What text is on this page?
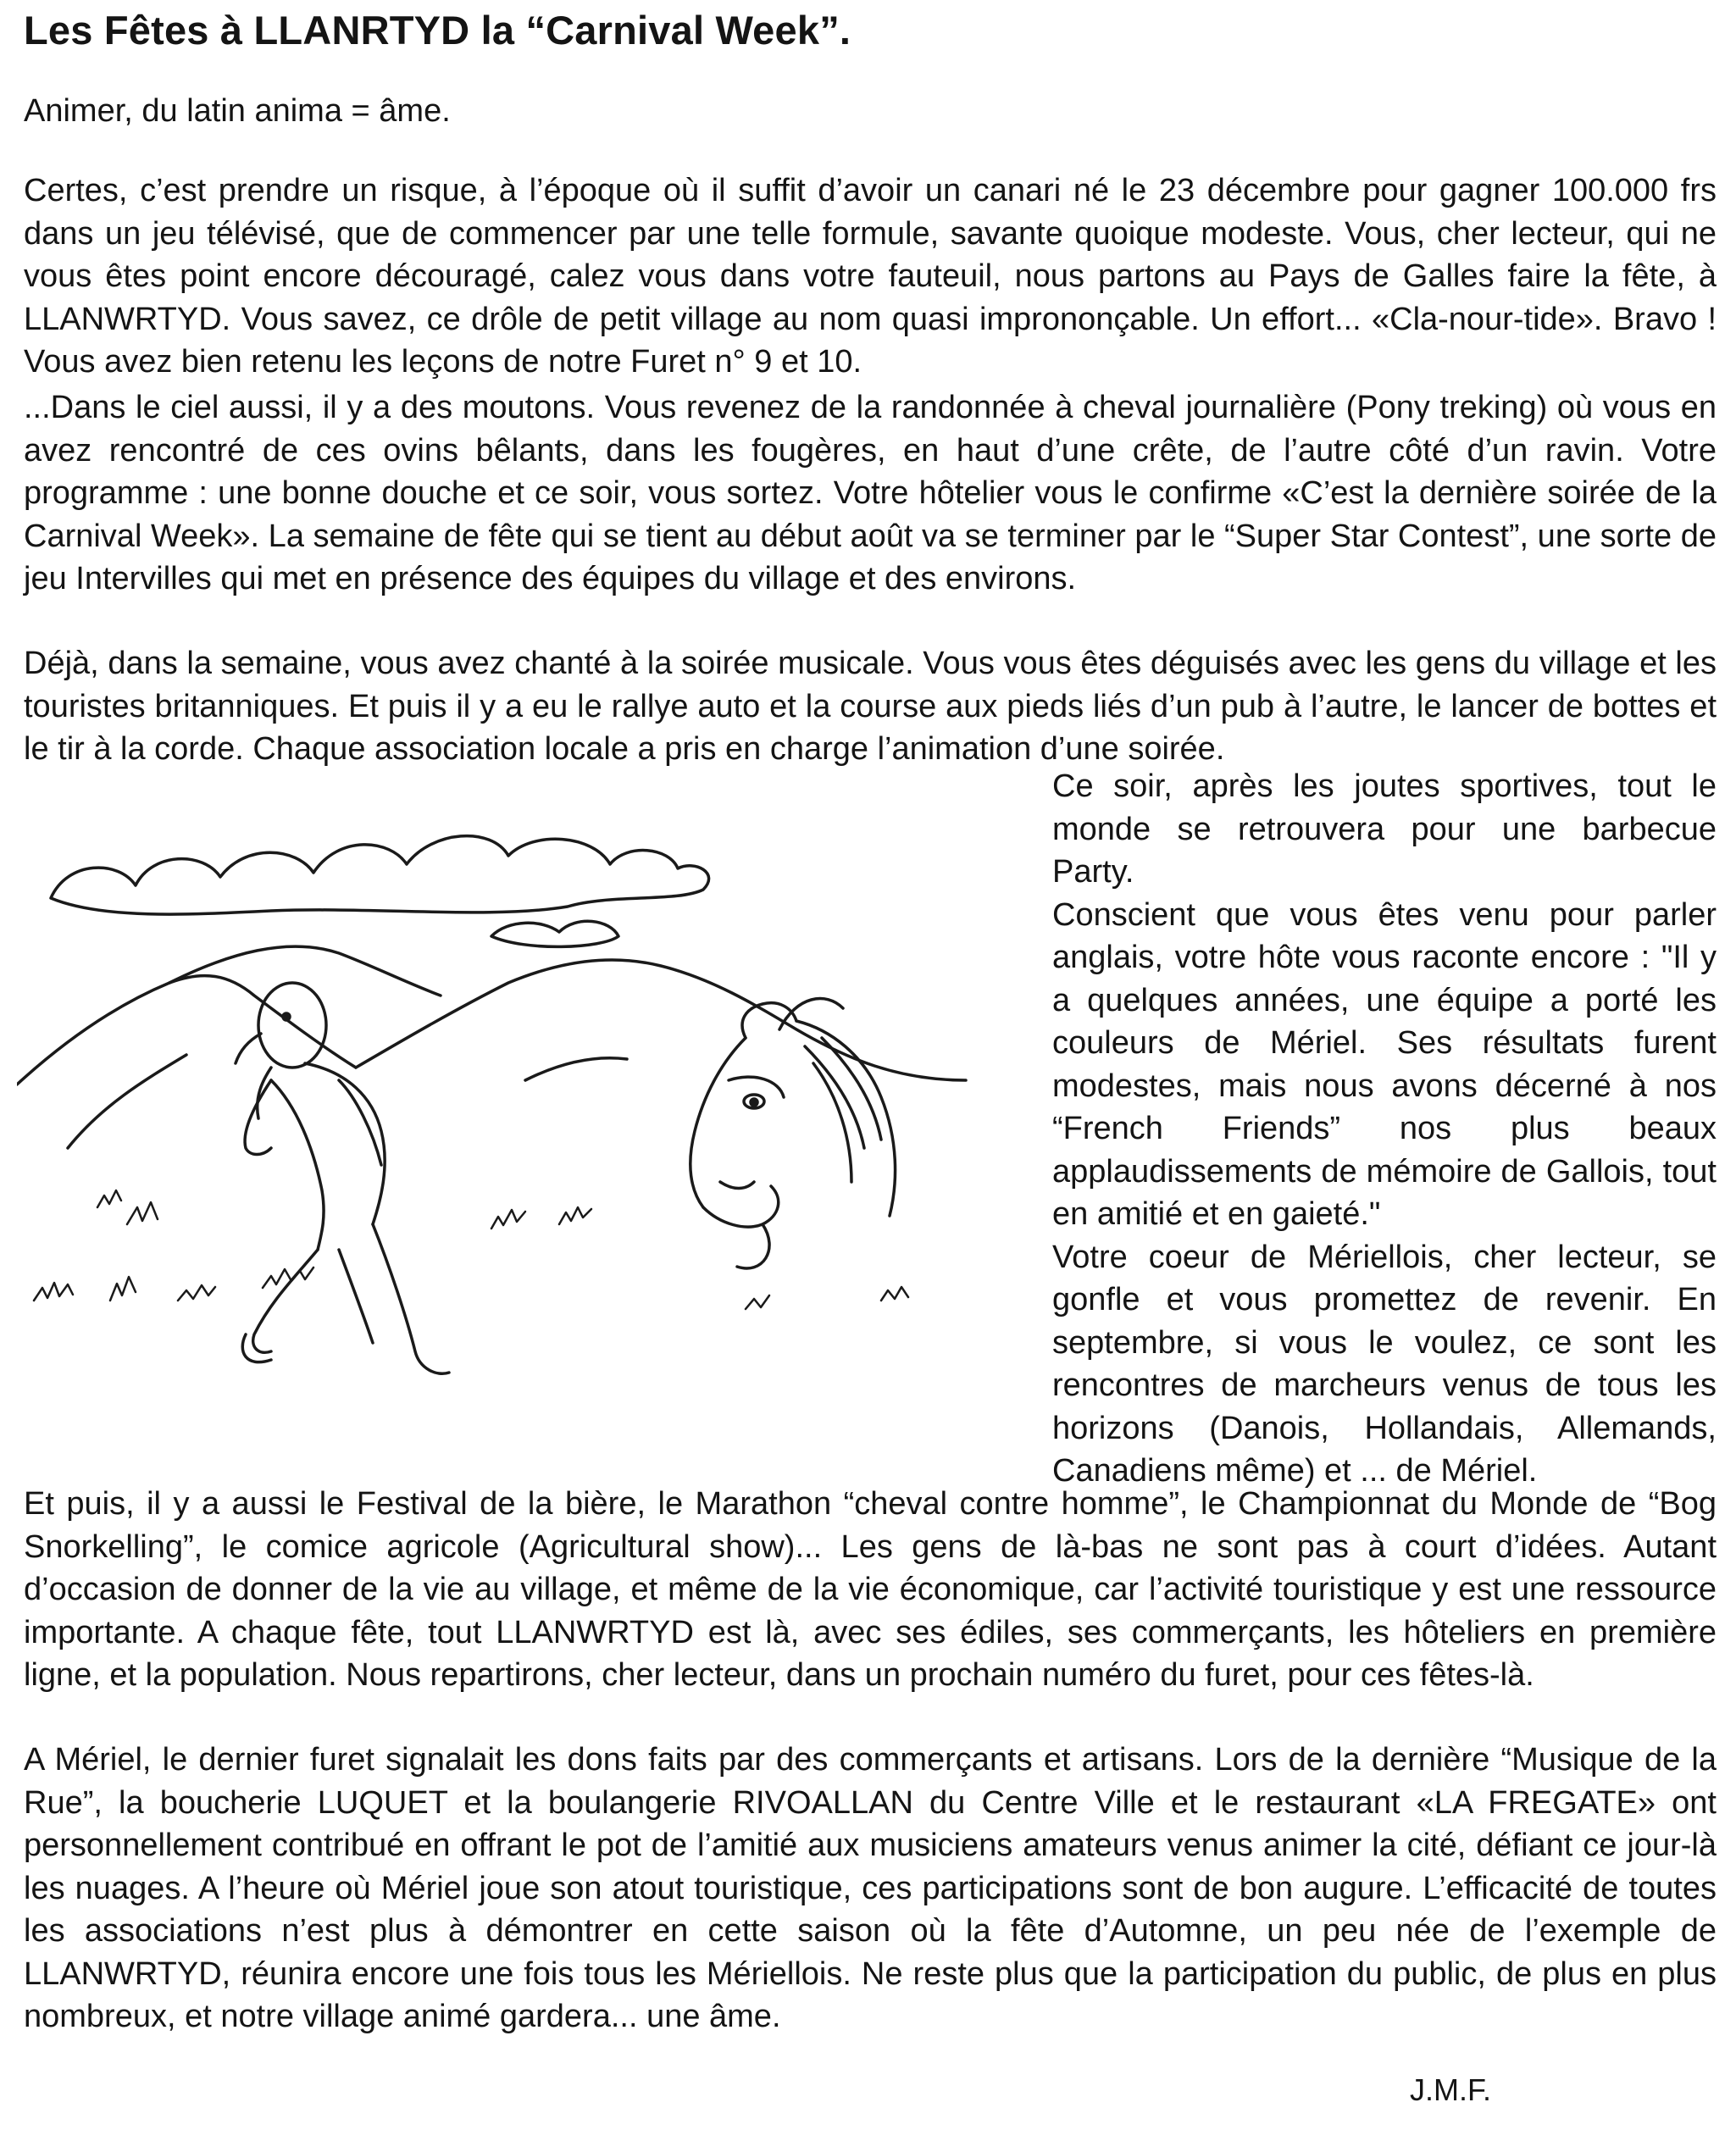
Les Fêtes à LLANRTYD la “Carnival Week”.
Animer, du latin anima = âme.

Certes, c’est prendre un risque, à l’époque où il suffit d’avoir un canari né le 23 décembre pour gagner 100.000 frs dans un jeu télévisé, que de commencer par une telle formule, savante quoique modeste. Vous, cher lecteur, qui ne vous êtes point encore découragé, calez vous dans votre fauteuil, nous partons au Pays de Galles faire la fête, à LLANWRTYD. Vous savez, ce drôle de petit village au nom quasi imprononçable. Un effort... «Cla-nour-tide». Bravo ! Vous avez bien retenu les leçons de notre Furet n° 9 et 10.

...Dans le ciel aussi, il y a des moutons. Vous revenez de la randonnée à cheval journalière (Pony treking) où vous en avez rencontré de ces ovins bêlants, dans les fougères, en haut d’une crête, de l’autre côté d’un ravin. Votre programme : une bonne douche et ce soir, vous sortez. Votre hôtelier vous le confirme «C’est la dernière soirée de la Carnival Week». La semaine de fête qui se tient au début août va se terminer par le “Super Star Contest”, une sorte de jeu Intervilles qui met en présence des équipes du village et des environs.

Déjà, dans la semaine, vous avez chanté à la soirée musicale. Vous vous êtes déguisés avec les gens du village et les touristes britanniques. Et puis il y a eu le rallye auto et la course aux pieds liés d’un pub à l’autre, le lancer de bottes et le tir à la corde. Chaque association locale a pris en charge l’animation d’une soirée.

Ce soir, après les joutes sportives, tout le monde se retrouvera pour une barbecue Party.

Conscient que vous êtes venu pour parler anglais, votre hôte vous raconte encore : "Il y a quelques années, une équipe a porté les couleurs de Mériel. Ses résultats furent modestes, mais nous avons décerné à nos “French Friends” nos plus beaux applaudissements de mémoire de Gallois, tout en amitié et en gaieté."

Votre coeur de Mériellois, cher lecteur, se gonfle et vous promettez de revenir. En septembre, si vous le voulez, ce sont les rencontres de marcheurs venus de tous les horizons (Danois, Hollandais, Allemands, Canadiens même) et ... de Mériel.

Et puis, il y a aussi le Festival de la bière, le Marathon “cheval contre homme”, le Championnat du Monde de “Bog Snorkelling”, le comice agricole (Agricultural show)... Les gens de là-bas ne sont pas à court d’idées. Autant d’occasion de donner de la vie au village, et même de la vie économique, car l’activité touristique y est une ressource importante. A chaque fête, tout LLANWRTYD est là, avec ses édiles, ses commerçants, les hôteliers en première ligne, et la population. Nous repartirons, cher lecteur, dans un prochain numéro du furet, pour ces fêtes-là.

A Mériel, le dernier furet signalait les dons faits par des commerçants et artisans. Lors de la dernière “Musique de la Rue”, la boucherie LUQUET et la boulangerie RIVOALLAN du Centre Ville et le restaurant «LA FREGATE» ont personnellement contribué en offrant le pot de l’amitié aux musiciens amateurs venus animer la cité, défiant ce jour-là les nuages. A l’heure où Mériel joue son atout touristique, ces participations sont de bon augure. L’efficacité de toutes les associations n’est plus à démontrer en cette saison où la fête d’Automne, un peu née de l’exemple de LLANWRTYD, réunira encore une fois tous les Mériellois. Ne reste plus que la participation du public, de plus en plus nombreux, et notre village animé gardera... une âme.

J.M.F.
